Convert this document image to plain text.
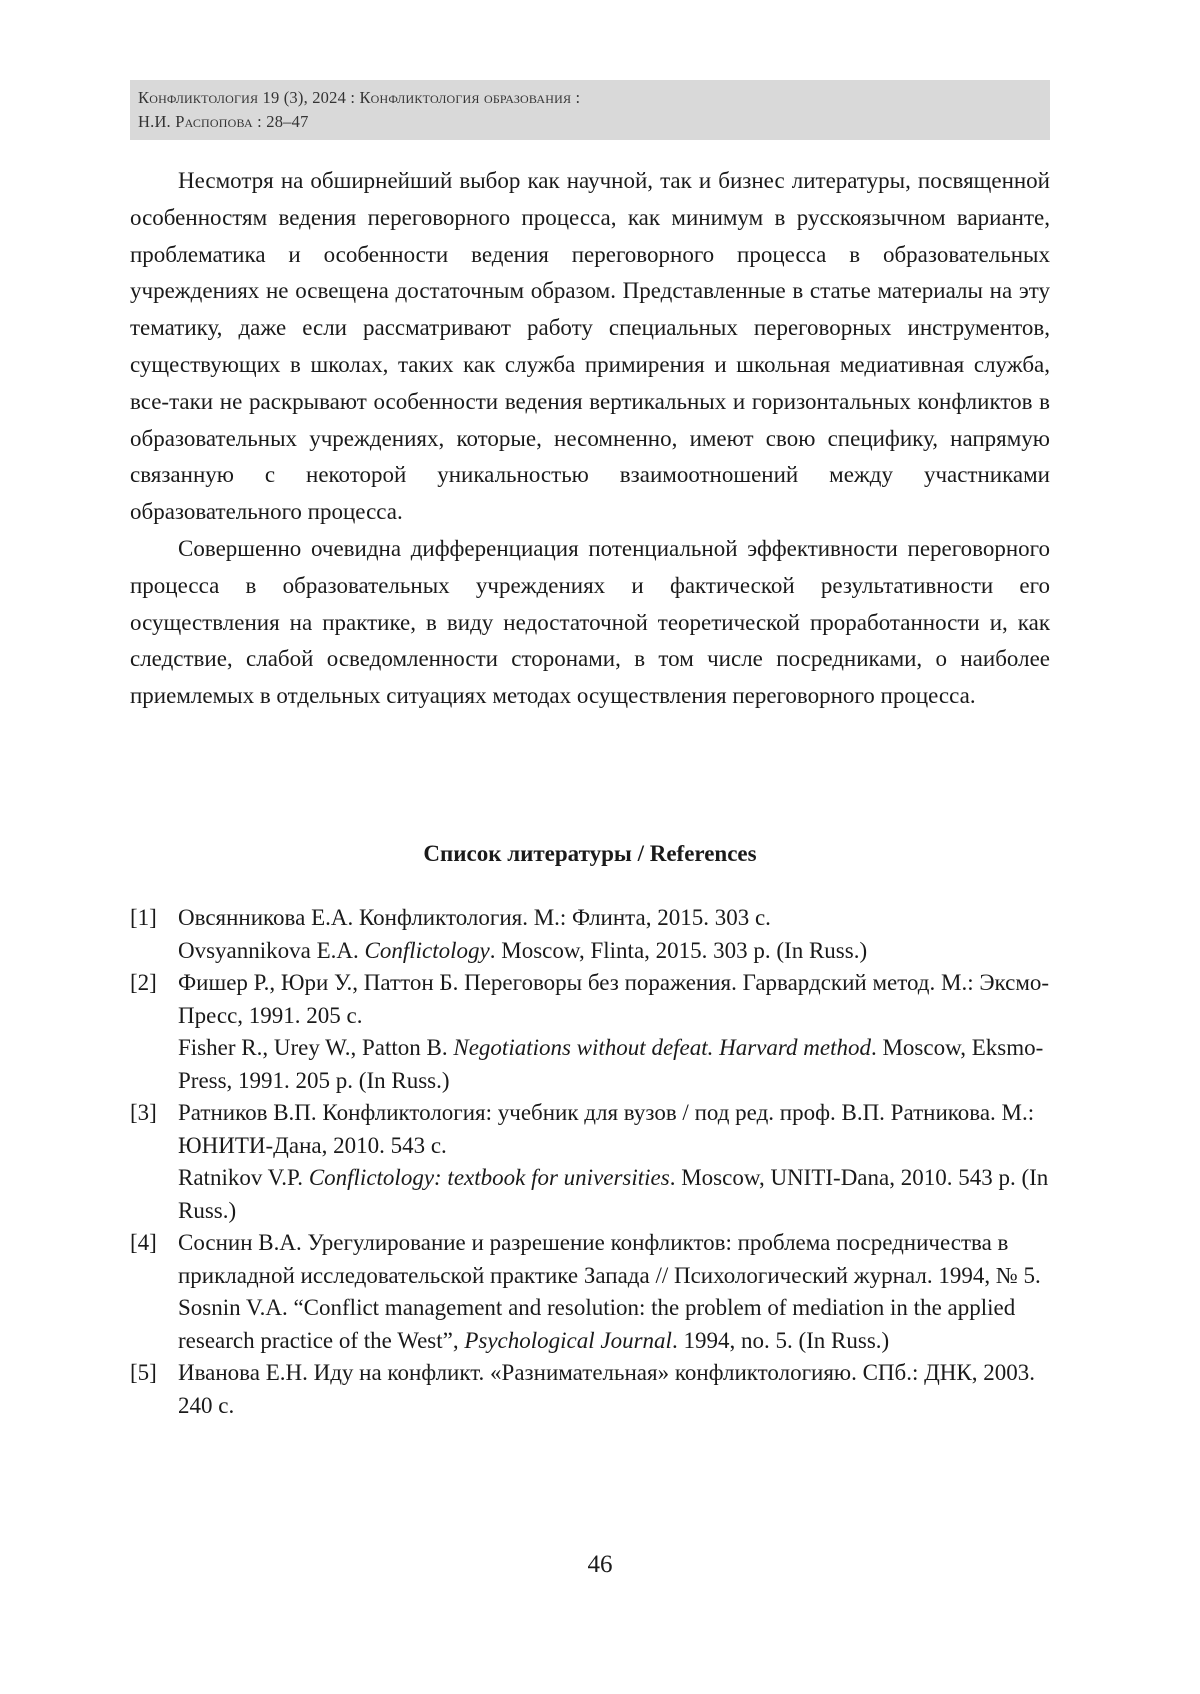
Конфликтология 19 (3), 2024 : Конфликтология образования :
Н.И. Распопова : 28–47

Несмотря на обширнейший выбор как научной, так и бизнес литературы, посвященной особенностям ведения переговорного процесса, как минимум в русскоязычном варианте, проблематика и особенности ведения переговорного процесса в образовательных учреждениях не освещена достаточным образом. Представленные в статье материалы на эту тематику, даже если рассматривают работу специальных переговорных инструментов, существующих в школах, таких как служба примирения и школьная медиативная служба, все-таки не раскрывают особенности ведения вертикальных и горизонтальных конфликтов в образовательных учреждениях, которые, несомненно, имеют свою специфику, напрямую связанную с некоторой уникальностью взаимоотношений между участниками образовательного процесса.

Совершенно очевидна дифференциация потенциальной эффективности переговорного процесса в образовательных учреждениях и фактической результативности его осуществления на практике, в виду недостаточной теоретической проработанности и, как следствие, слабой осведомленности сторонами, в том числе посредниками, о наиболее приемлемых в отдельных ситуациях методах осуществления переговорного процесса.

Список литературы / References
[1] Овсянникова Е.А. Конфликтология. М.: Флинта, 2015. 303 с.
Ovsyannikova E.A. Conflictology. Moscow, Flinta, 2015. 303 p. (In Russ.)
[2] Фишер Р., Юри У., Паттон Б. Переговоры без поражения. Гарвардский метод. М.: Эксмо-Пресс, 1991. 205 с.
Fisher R., Urey W., Patton B. Negotiations without defeat. Harvard method. Moscow, Eksmo-Press, 1991. 205 p. (In Russ.)
[3] Ратников В.П. Конфликтология: учебник для вузов / под ред. проф. В.П. Ратникова. М.: ЮНИТИ-Дана, 2010. 543 с.
Ratnikov V.P. Conflictology: textbook for universities. Moscow, UNITI-Dana, 2010. 543 p. (In Russ.)
[4] Соснин В.А. Урегулирование и разрешение конфликтов: проблема посредничества в прикладной исследовательской практике Запада // Психологический журнал. 1994, № 5.
Sosnin V.A. “Conflict management and resolution: the problem of mediation in the applied research practice of the West”, Psychological Journal. 1994, no. 5. (In Russ.)
[5] Иванова Е.Н. Иду на конфликт. «Разнимательная» конфликтологияю. СПб.: ДНК, 2003. 240 с.
46
